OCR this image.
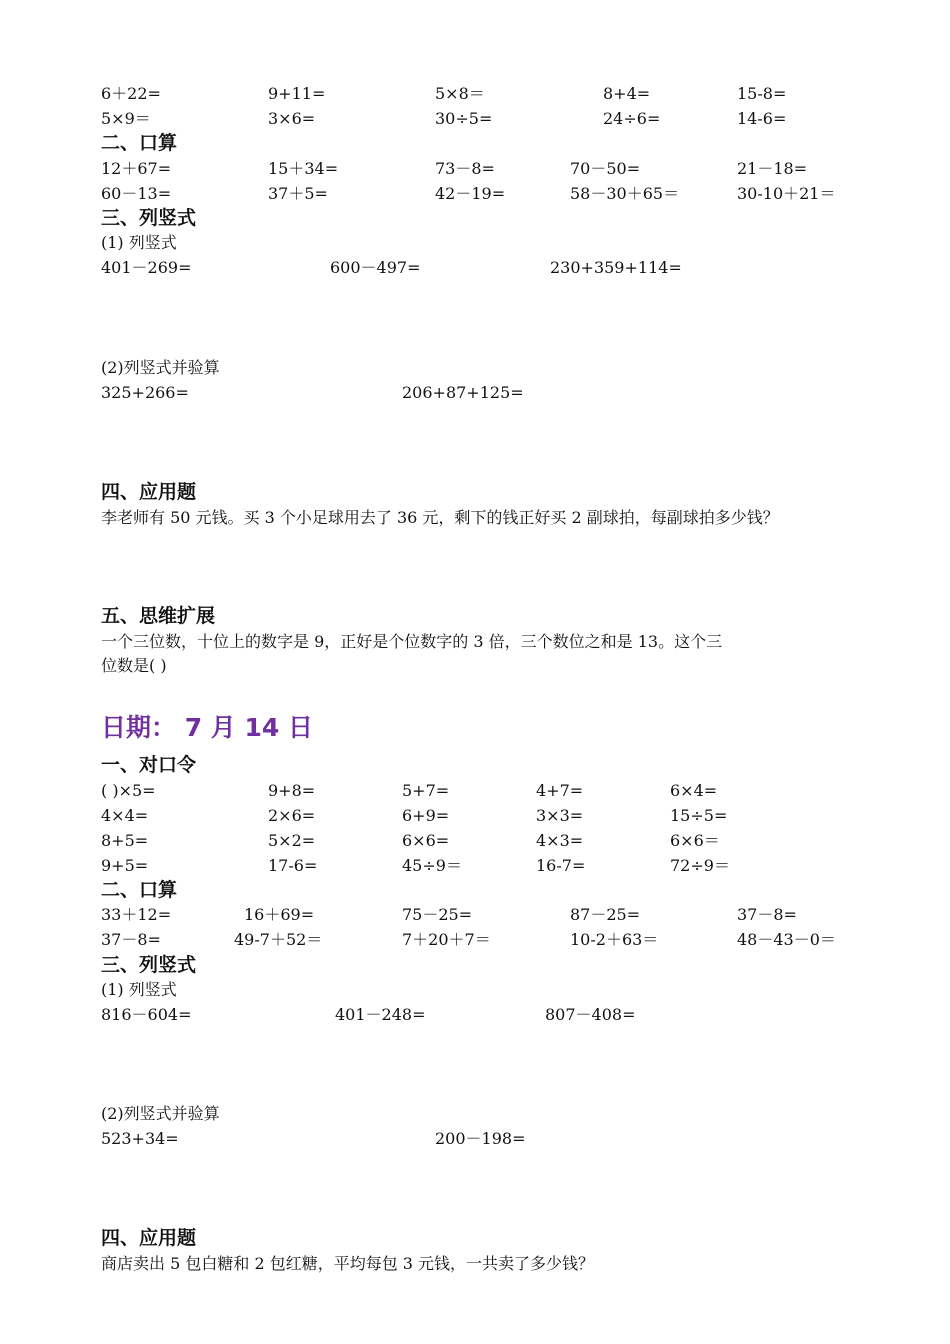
6＋22=	9+11=	5×8＝	8+4=	15-8=
5×9＝	3×6=	30÷5=	24÷6=	14-6=
二、口算
12＋67=	15＋34=	73－8=	70－50=	21－18=
60－13=	37＋5=	42－19=	58－30＋65＝	30-10＋21＝
三、列竖式
(1) 列竖式
401－269=	600－497=	230+359+114=
(2)列竖式并验算
325+266=	206+87+125=
四、应用题
李老师有 50 元钱。买 3 个小足球用去了 36 元，剩下的钱正好买 2 副球拍，每副球拍多少钱？
五、思维扩展
一个三位数，十位上的数字是 9，正好是个位数字的 3 倍，三个数位之和是 13。这个三
位数是( )
日期： 7 月 14 日
一、对口令
( )×5=	9+8=	5+7=	4+7=	6×4=
4×4=	2×6=	6+9=	3×3=	15÷5=
8+5=	5×2=	6×6=	4×3=	6×6＝
9+5=	17-6=	45÷9＝	16-7=	72÷9＝
二、口算
33＋12=	16＋69=	75－25=	87－25=	37－8=
37－8=	49-7＋52＝	7＋20＋7＝	10-2＋63＝	48－43－0＝
三、列竖式
(1) 列竖式
816－604=	401－248=	807－408=
(2)列竖式并验算
523+34=	200－198=
四、应用题
商店卖出 5 包白糖和 2 包红糖，平均每包 3 元钱，一共卖了多少钱？
